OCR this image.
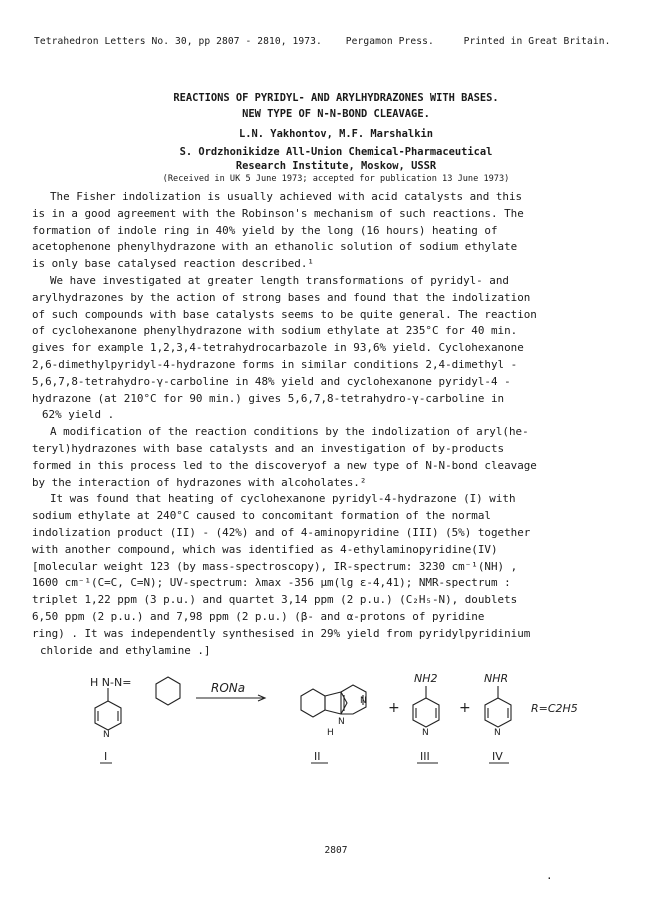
Tetrahedron Letters No. 30, pp 2807 - 2810, 1973. Pergamon Press.	Printed in Great Britain.
REACTIONS OF PYRIDYL- AND ARYLHYDRAZONES WITH BASES.
NEW TYPE OF N-N-BOND CLEAVAGE.
L.N. Yakhontov, M.F. Marshalkin
S. Ordzhonikidze All-Union Chemical-Pharmaceutical
Research Institute, Moskow, USSR
(Received in UK 5 June 1973; accepted for publication 13 June 1973)
The Fisher indolization is usually achieved with acid catalysts and this
is in a good agreement with the Robinson's mechanism of such reactions. The
formation of indole ring in 40% yield by the long (16 hours) heating of
acetophenone phenylhydrazone with an ethanolic solution of sodium ethylate
is only base catalysed reaction described.¹
We have investigated at greater length transformations of pyridyl- and
arylhydrazones by the action of strong bases and found that the indolization
of such compounds with base catalysts seems to be quite general. The reaction
of cyclohexanone phenylhydrazone with sodium ethylate at 235°C for 40 min.
gives for example 1,2,3,4-tetrahydrocarbazole in 93,6% yield. Cyclohexanone
2,6-dimethylpyridyl-4-hydrazone forms in similar conditions 2,4-dimethyl -
5,6,7,8-tetrahydro-γ-carboline in 48% yield and cyclohexanone pyridyl-4 -
hydrazone (at 210°C for 90 min.) gives 5,6,7,8-tetrahydro-γ-carboline in
62% yield .
A modification of the reaction conditions by the indolization of aryl(he-
teryl)hydrazones with base catalysts and an investigation of by-products
formed in this process led to the discoveryof a new type of N-N-bond cleavage
by the interaction of hydrazones with alcoholates.²
It was found that heating of cyclohexanone pyridyl-4-hydrazone (I) with
sodium ethylate at 240°C caused to concomitant formation of the normal
indolization product (II) - (42%) and of 4-aminopyridine (III) (5%) together
with another compound, which was identified as 4-ethylaminopyridine(IV)
[molecular weight 123 (by mass-spectroscopy), IR-spectrum: 3230 cm⁻¹(NH) ,
1600 cm⁻¹(C=C, C=N); UV-spectrum: λmax -356 μm(lg ε-4,41); NMR-spectrum :
triplet 1,22 ppm (3 p.u.) and quartet 3,14 ppm (2 p.u.) (C₂H₅-N), doublets
6,50 ppm (2 p.u.) and 7,98 ppm (2 p.u.) (β- and α-protons of pyridine
ring) . It was independently synthesised in 29% yield from pyridylpyridinium
chloride and ethylamine .]
H N-N=
N
RONa
N
N
H
+
NH2
N
+
NHR
N
R=C2H5
I	II	III	IV
2807
.
